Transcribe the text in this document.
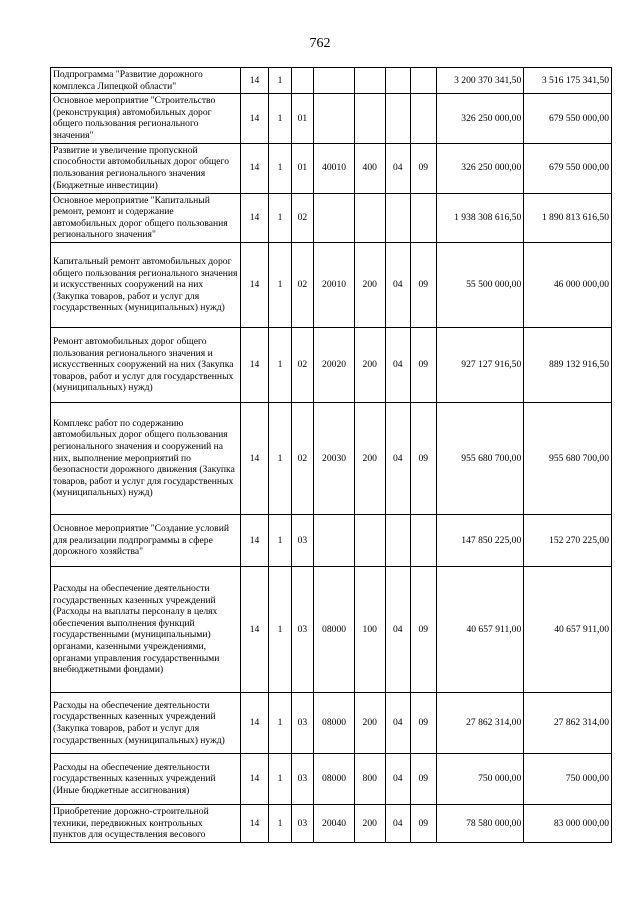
762
Подпрограмма "Развитие дорожного комплекса Липецкой области"	14	1						3 200 370 341,50	3 516 175 341,50
Основное мероприятие "Строительство (реконструкция) автомобильных дорог общего пользования регионального значения"	14	1	01					326 250 000,00	679 550 000,00
Развитие и увеличение пропускной способности автомобильных дорог общего пользования регионального значения (Бюджетные инвестиции)	14	1	01	40010	400	04	09	326 250 000,00	679 550 000,00
Основное мероприятие "Капитальный ремонт, ремонт и содержание автомобильных дорог общего пользования регионального значения"	14	1	02					1 938 308 616,50	1 890 813 616,50
Капитальный ремонт автомобильных дорог общего пользования регионального значения и искусственных сооружений на них (Закупка товаров, работ и услуг для государственных (муниципальных) нужд)	14	1	02	20010	200	04	09	55 500 000,00	46 000 000,00
Ремонт автомобильных дорог общего пользования регионального значения и искусственных сооружений на них (Закупка товаров, работ и услуг для государственных (муниципальных) нужд)	14	1	02	20020	200	04	09	927 127 916,50	889 132 916,50
Комплекс работ по содержанию автомобильных дорог общего пользования регионального значения и сооружений на них, выполнение мероприятий по безопасности дорожного движения (Закупка товаров, работ и услуг для государственных (муниципальных) нужд)	14	1	02	20030	200	04	09	955 680 700,00	955 680 700,00
Основное мероприятие "Создание условий для реализации подпрограммы в сфере дорожного хозяйства"	14	1	03					147 850 225,00	152 270 225,00
Расходы на обеспечение деятельности государственных казенных учреждений (Расходы на выплаты персоналу в целях обеспечения выполнения функций государственными (муниципальными) органами, казенными учреждениями, органами управления государственными внебюджетными фондами)	14	1	03	08000	100	04	09	40 657 911,00	40 657 911,00
Расходы на обеспечение деятельности государственных казенных учреждений (Закупка товаров, работ и услуг для государственных (муниципальных) нужд)	14	1	03	08000	200	04	09	27 862 314,00	27 862 314,00
Расходы на обеспечение деятельности государственных казенных учреждений (Иные бюджетные ассигнования)	14	1	03	08000	800	04	09	750 000,00	750 000,00
Приобретение дорожно-строительной техники, передвижных контрольных пунктов для осуществления весового	14	1	03	20040	200	04	09	78 580 000,00	83 000 000,00
